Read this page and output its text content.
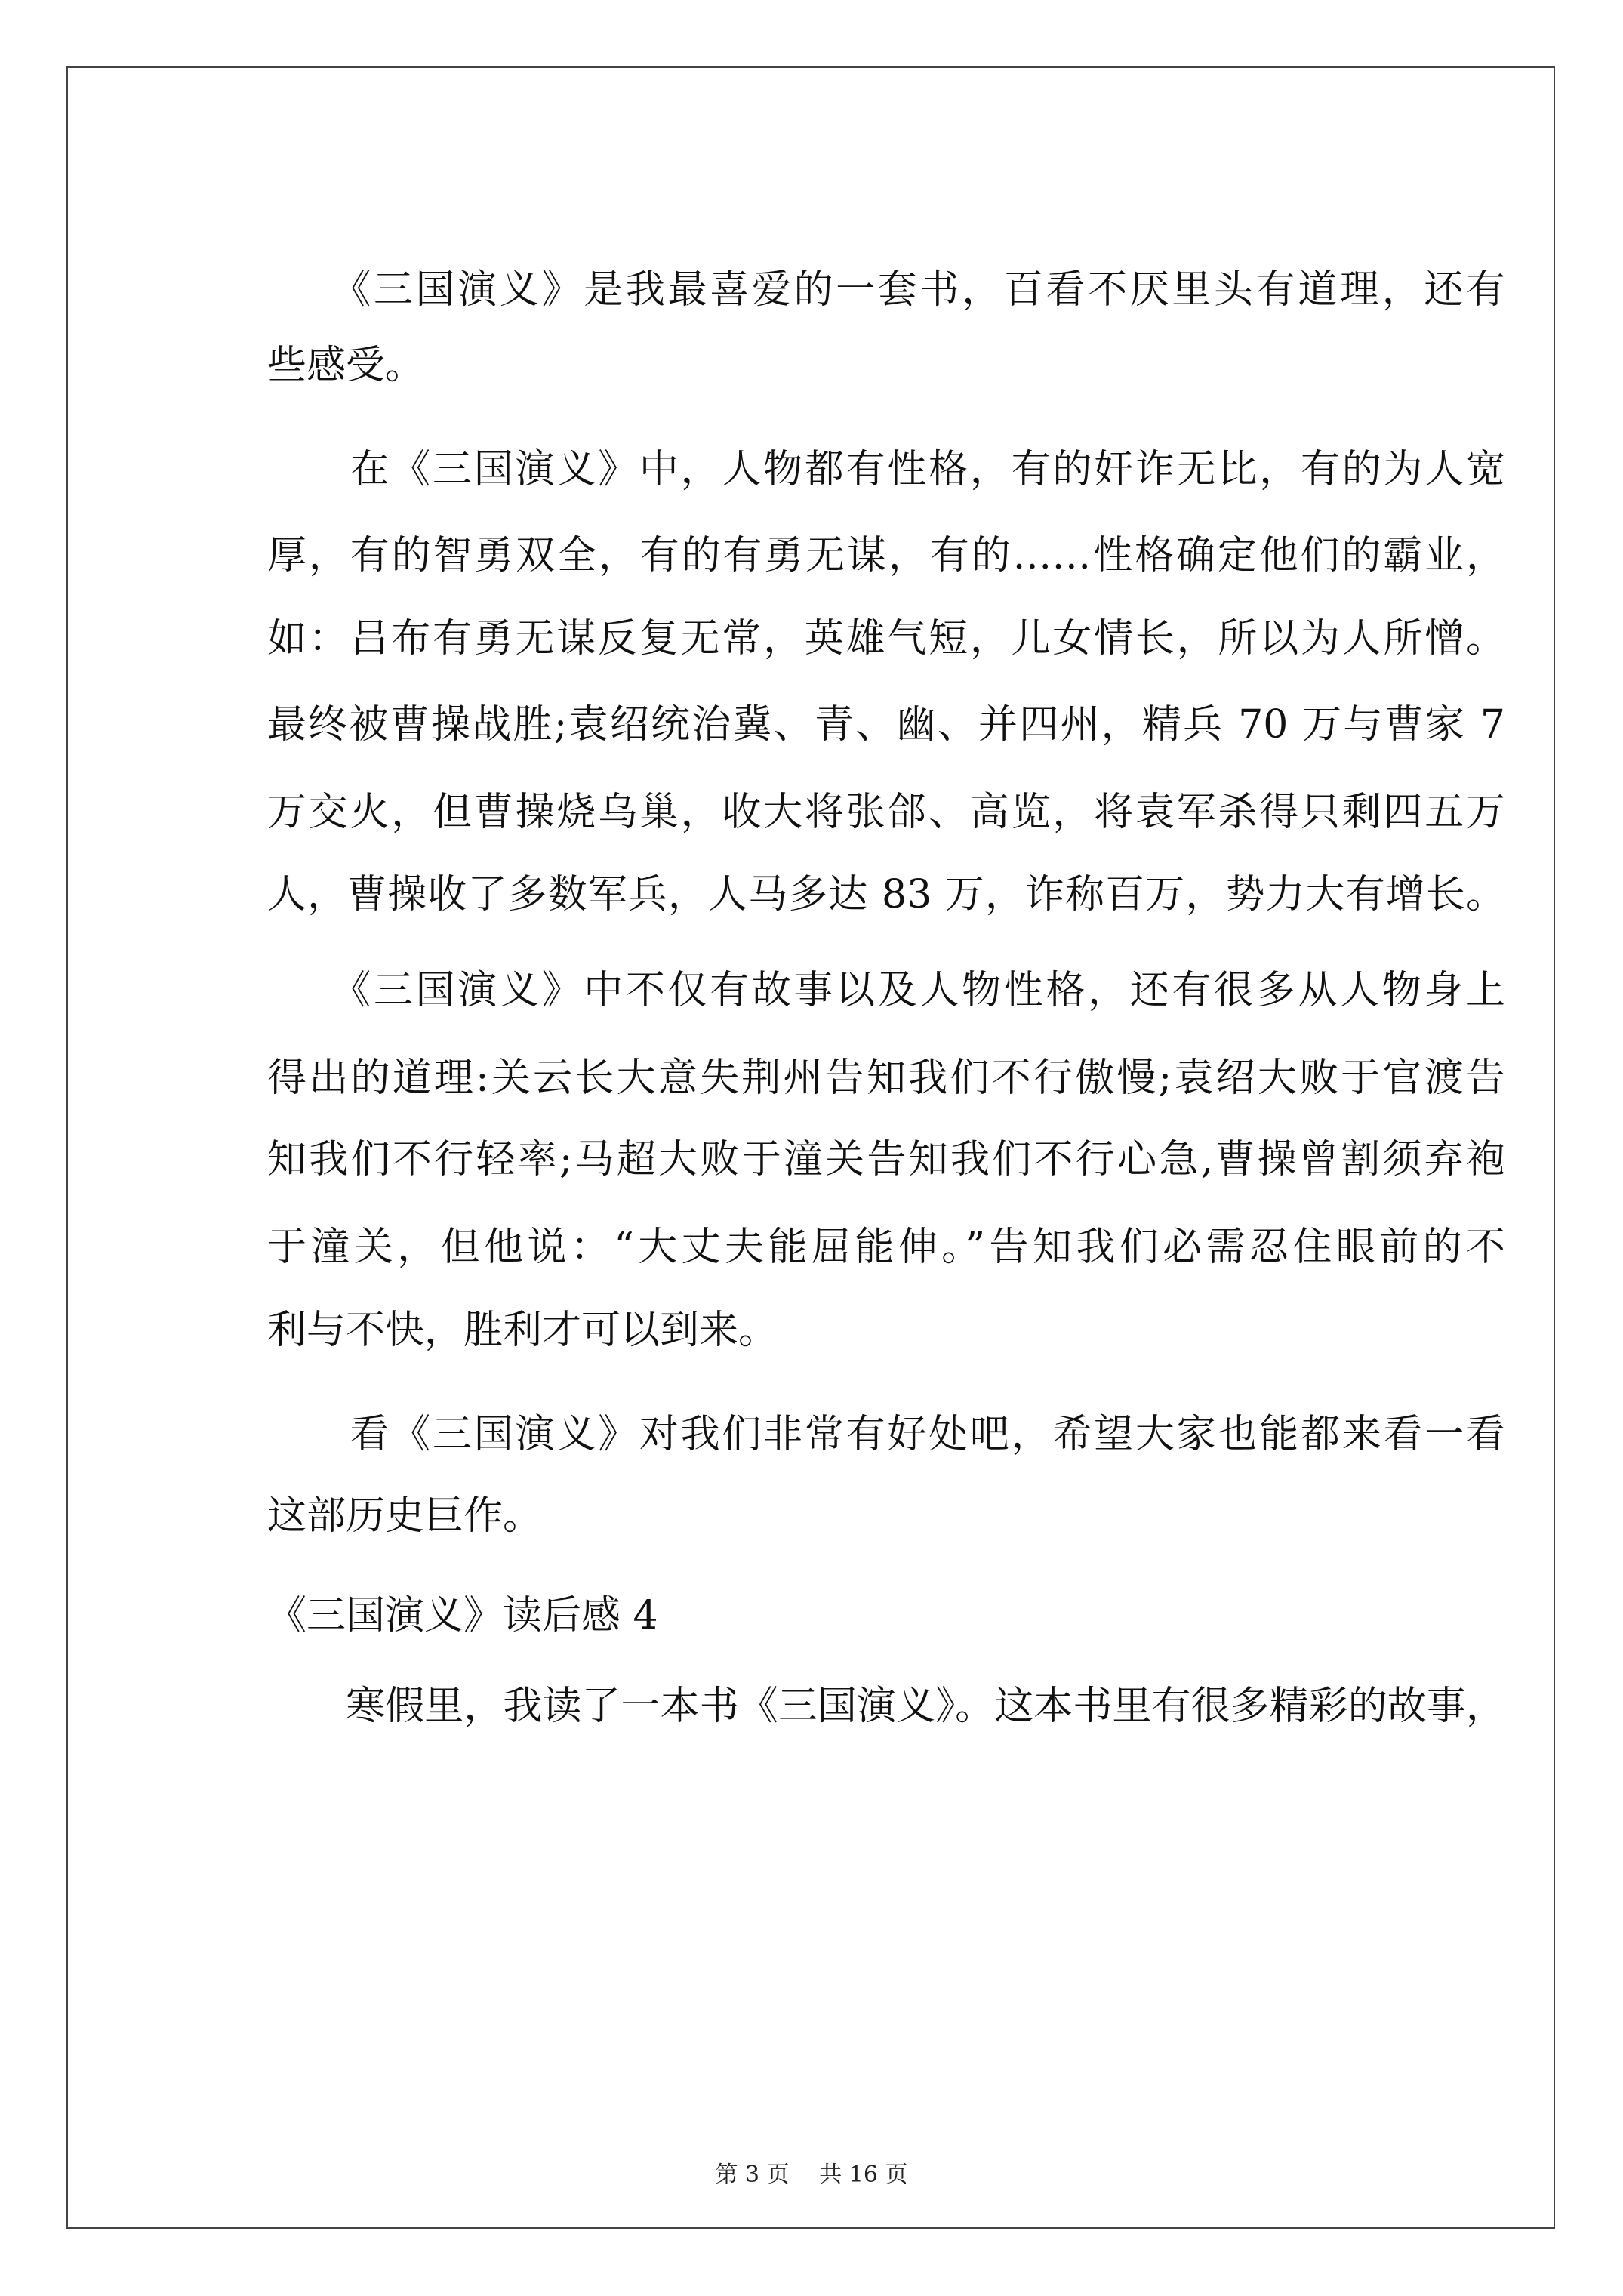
　　《三国演义》是我最喜爱的一套书，百看不厌里头有道理，还有
些感受。
　　在《三国演义》中，人物都有性格，有的奸诈无比，有的为人宽
厚，有的智勇双全，有的有勇无谋，有的……性格确定他们的霸业，
如：吕布有勇无谋反复无常，英雄气短，儿女情长，所以为人所憎。
最终被曹操战胜;袁绍统治冀、青、幽、并四州，精兵 70 万与曹家 7
万交火，但曹操烧乌巢，收大将张郃、高览，将袁军杀得只剩四五万
人，曹操收了多数军兵，人马多达 83 万，诈称百万，势力大有增长。
　　《三国演义》中不仅有故事以及人物性格，还有很多从人物身上
得出的道理:关云长大意失荆州告知我们不行傲慢;袁绍大败于官渡告
知我们不行轻率;马超大败于潼关告知我们不行心急,曹操曾割须弃袍
于潼关，但他说：“大丈夫能屈能伸。”告知我们必需忍住眼前的不
利与不快，胜利才可以到来。
　　看《三国演义》对我们非常有好处吧，希望大家也能都来看一看
这部历史巨作。
《三国演义》读后感 4
　　寒假里，我读了一本书《三国演义》。这本书里有很多精彩的故事，
第 3 页　 共 16 页
